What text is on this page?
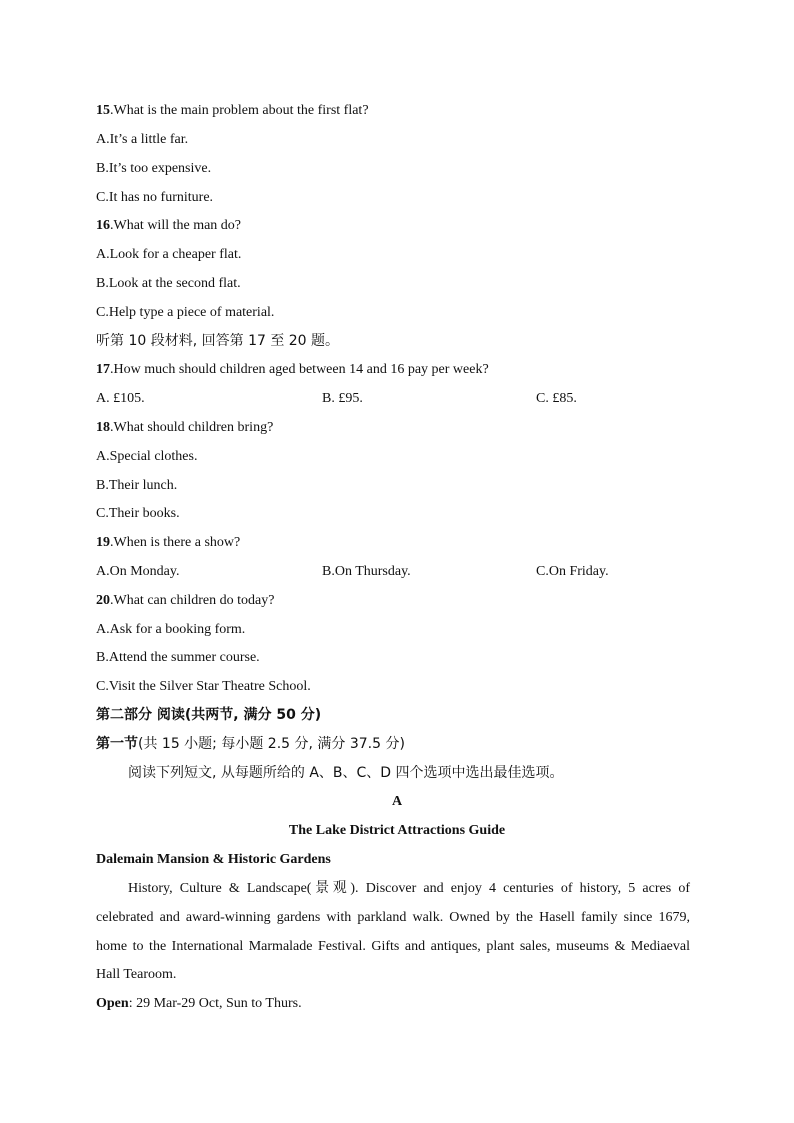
15.What is the main problem about the first flat?
A.It’s a little far.
B.It’s too expensive.
C.It has no furniture.
16.What will the man do?
A.Look for a cheaper flat.
B.Look at the second flat.
C.Help type a piece of material.
听第 10 段材料, 回答第 17 至 20 题。
17.How much should children aged between 14 and 16 pay per week?
A. £105.	B. £95.	C. £85.
18.What should children bring?
A.Special clothes.
B.Their lunch.
C.Their books.
19.When is there a show?
A.On Monday.	B.On Thursday.	C.On Friday.
20.What can children do today?
A.Ask for a booking form.
B.Attend the summer course.
C.Visit the Silver Star Theatre School.
第二部分 阅读(共两节, 满分 50 分)
第一节(共 15 小题; 每小题 2.5 分, 满分 37.5 分)
阅读下列短文, 从每题所给的 A、B、C、D 四个选项中选出最佳选项。
A
The Lake District Attractions Guide
Dalemain Mansion & Historic Gardens
History, Culture & Landscape(景观). Discover and enjoy 4 centuries of history, 5 acres of celebrated and award-winning gardens with parkland walk. Owned by the Hasell family since 1679, home to the International Marmalade Festival. Gifts and antiques, plant sales, museums & Mediaeval Hall Tearoom.
Open: 29 Mar-29 Oct, Sun to Thurs.
